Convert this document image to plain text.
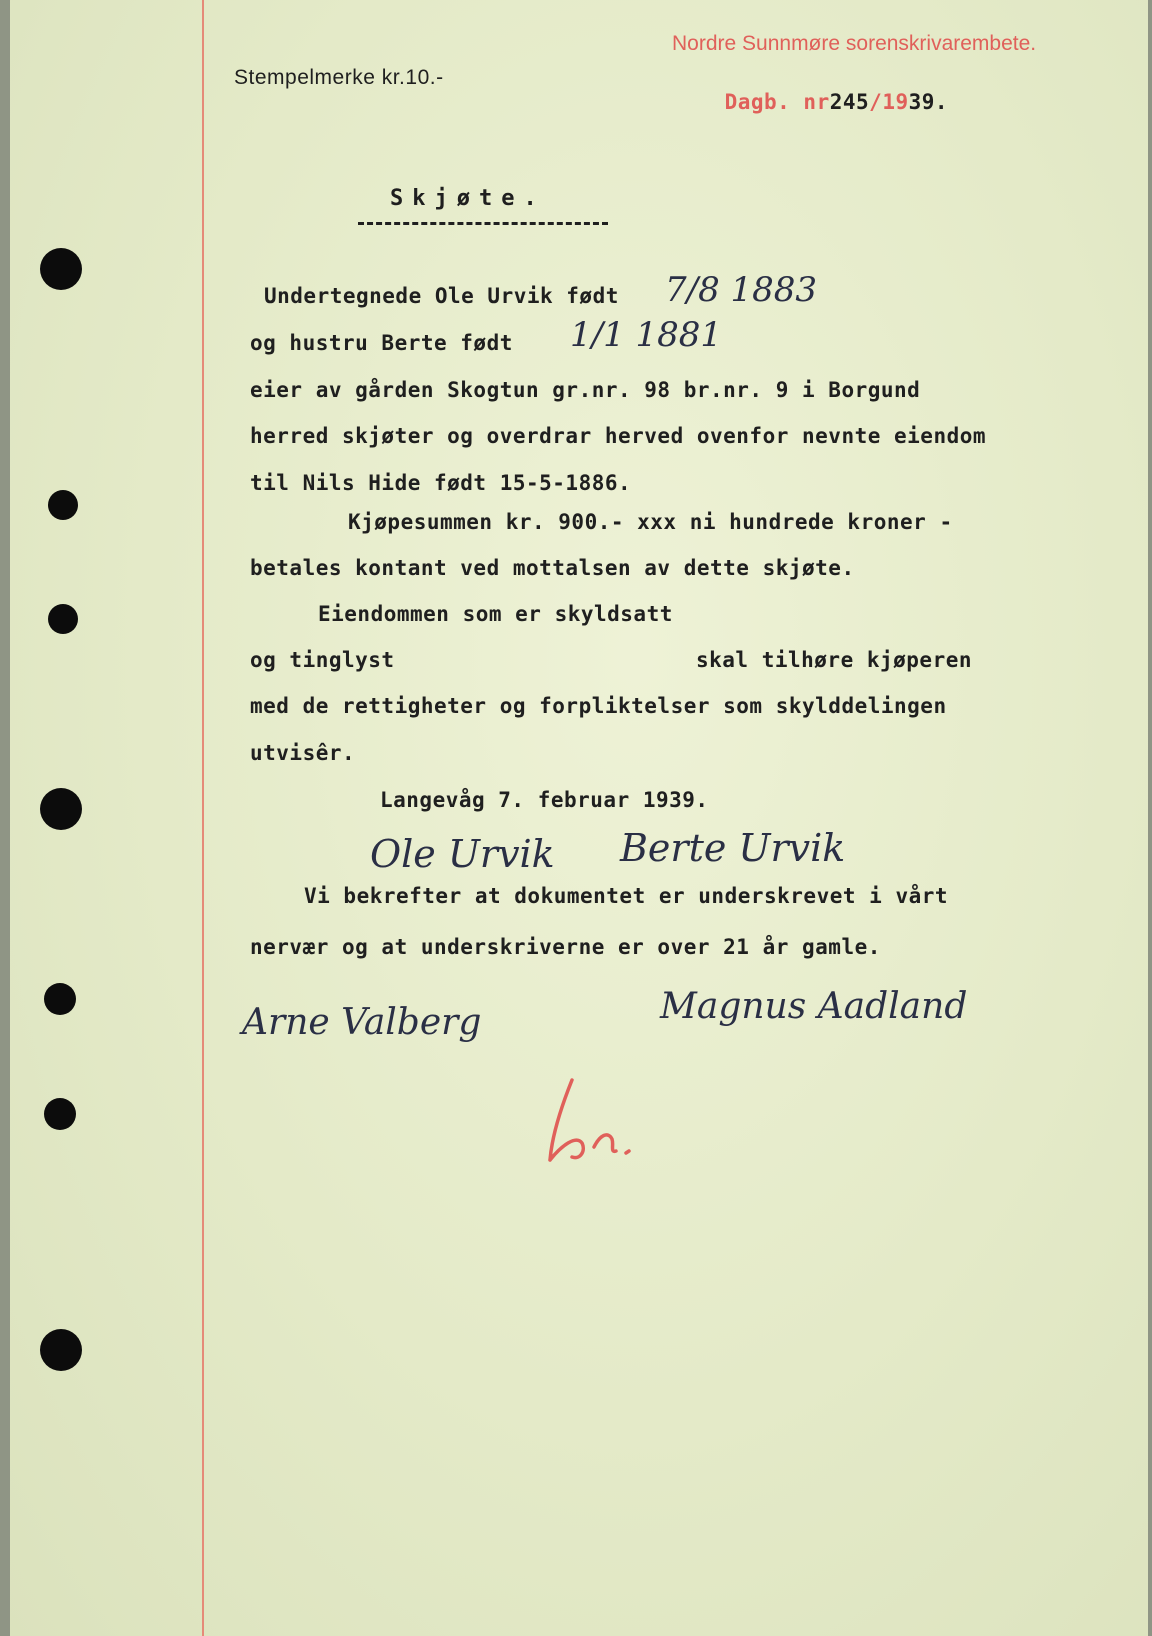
Nordre Sunnmøre sorenskrivarembete.
Stempelmerke kr.10.-

Dagb. nr245/1939.

Skjøte.
Undertegnede Ole Urvik født 7/8 1883
og hustru Berte født 1/1 1881
eier av gården Skogtun gr.nr. 98 br.nr. 9 i Borgund
herred skjøter og overdrar herved ovenfor nevnte eiendom
til Nils Hide født 15-5-1886.
Kjøpesummen kr. 900.- xxx ni hundrede kroner -
betales kontant ved mottalsen av dette skjøte.
Eiendommen som er skyldsatt
og tinglyst	skal tilhøre kjøperen
med de rettigheter og forpliktelser som skylddelingen
utvisêr.
Langevåg 7. februar 1939.
Ole Urvik Berte Urvik
Vi bekrefter at dokumentet er underskrevet i vårt
nervær og at underskriverne er over 21 år gamle.
Arne Valberg	Magnus Aadland
